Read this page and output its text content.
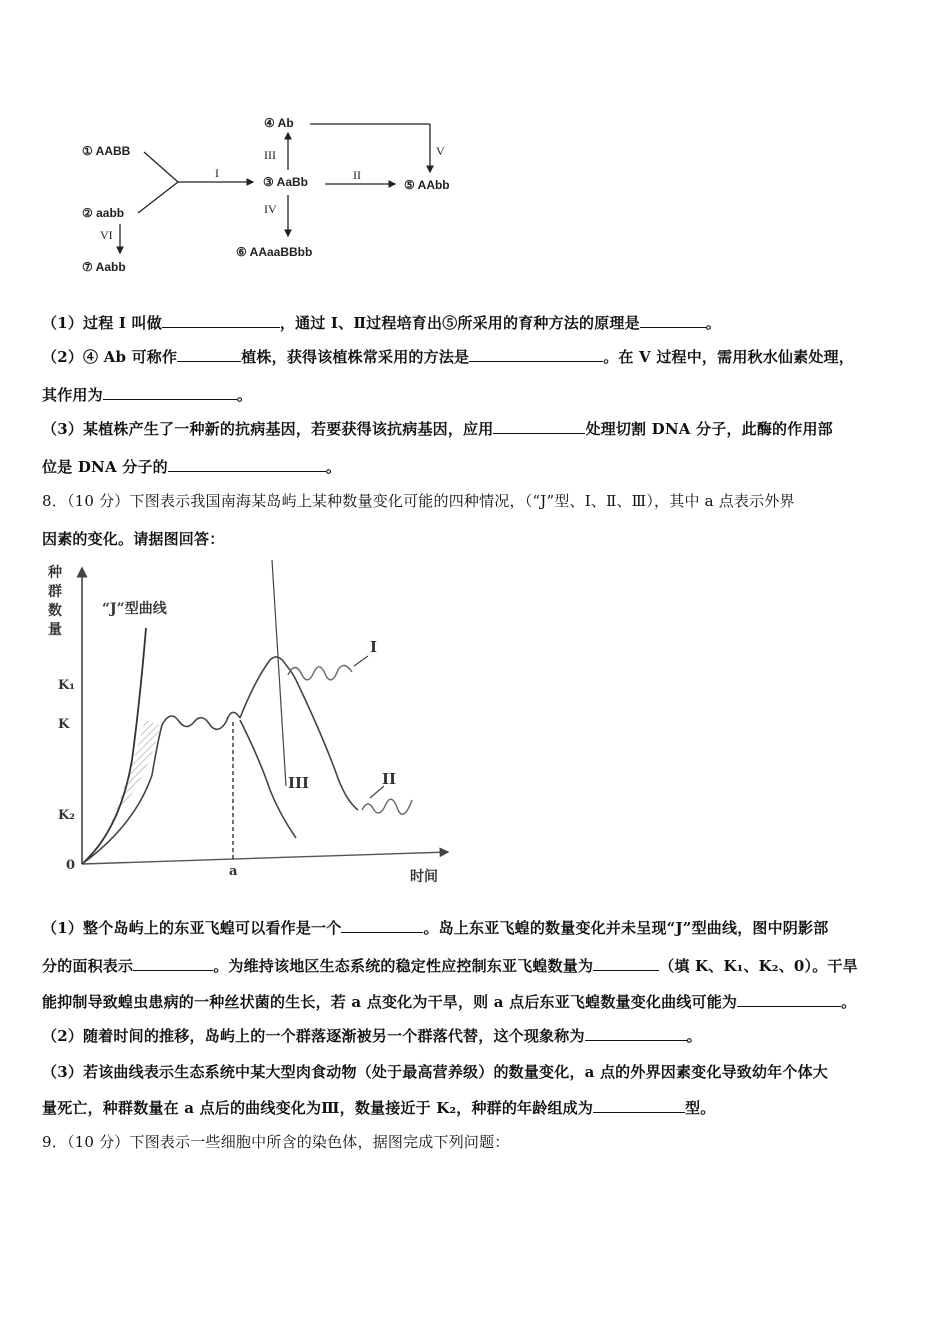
① AABB
② aabb
③ AaBb
④ Ab
⑤ AAbb
⑥ AAaaBBbb
⑦ Aabb
I	II
III
IV
V
VI
（1）过程 I 叫做	，通过 I、Ⅱ过程培育出⑤所采用的育种方法的原理是	。
（2）④ Ab 可称作	植株，获得该植株常采用的方法是	。在 V 过程中，需用秋水仙素处理，
其作用为	。
（3）某植株产生了一种新的抗病基因，若要获得该抗病基因，应用	处理切割 DNA 分子，此酶的作用部
位是 DNA 分子的	。
8．（10 分）下图表示我国南海某岛屿上某种数量变化可能的四种情况，（“J”型、Ⅰ、Ⅱ、Ⅲ），其中 a 点表示外界
因素的变化。请据图回答：
种
群
数
量
“J”型曲线
K₁
K
K₂
0	a	时间
I
II
III
（1）整个岛屿上的东亚飞蝗可以看作是一个	。岛上东亚飞蝗的数量变化并未呈现“J”型曲线，图中阴影部
分的面积表示	。为维持该地区生态系统的稳定性应控制东亚飞蝗数量为	（填 K、K₁、K₂、0）。干旱
能抑制导致蝗虫患病的一种丝状菌的生长，若 a 点变化为干旱，则 a 点后东亚飞蝗数量变化曲线可能为	。
（2）随着时间的推移，岛屿上的一个群落逐渐被另一个群落代替，这个现象称为	。
（3）若该曲线表示生态系统中某大型肉食动物（处于最高营养级）的数量变化，a 点的外界因素变化导致幼年个体大
量死亡，种群数量在 a 点后的曲线变化为Ⅲ，数量接近于 K₂，种群的年龄组成为	型。
9．（10 分）下图表示一些细胞中所含的染色体，据图完成下列问题：
